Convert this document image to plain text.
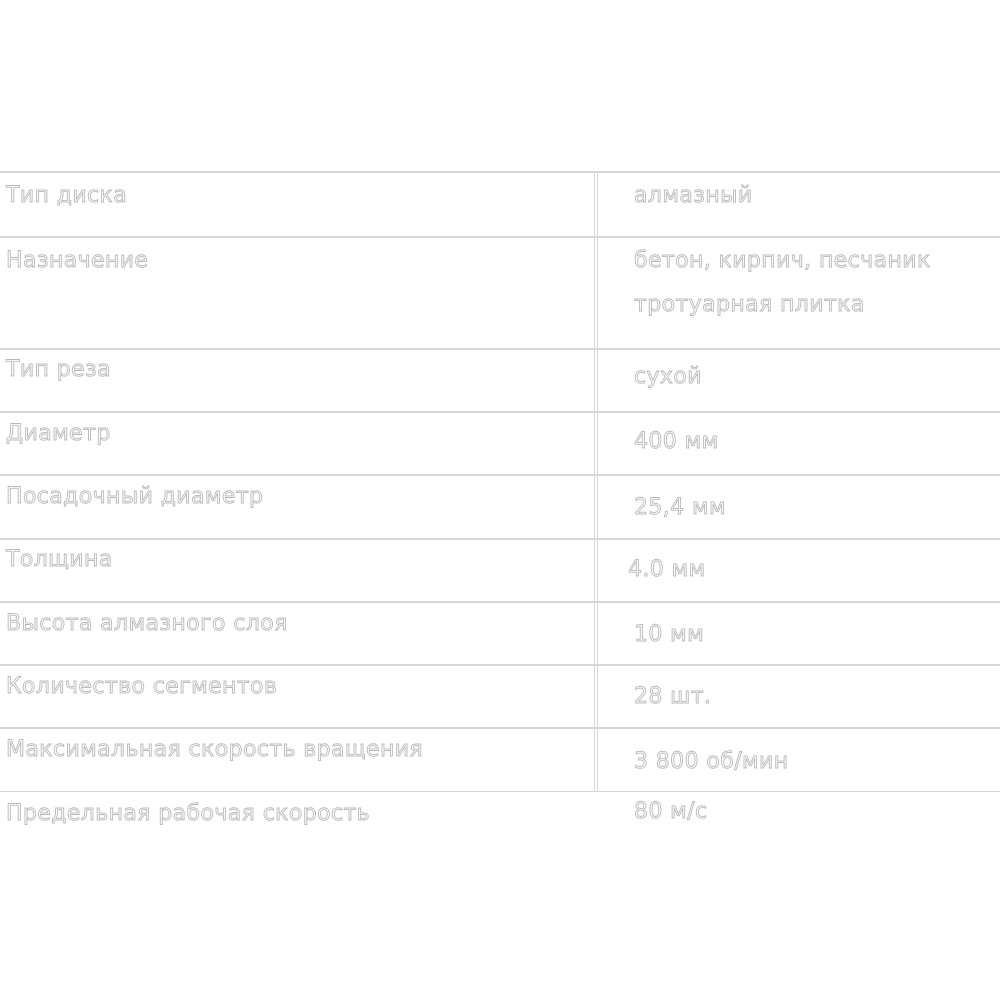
Тип диска	алмазный

Назначение	бетон, кирпич, песчаник

тротуарная плитка

Тип реза	сухой

Диаметр	400 мм

Посадочный диаметр	25,4 мм

Толщина	4.0 мм

Высота алмазного слоя	10 мм

Количество сегментов	28 шт.

Максимальная скорость вращения	3 800 об/мин

Предельная рабочая скорость	80 м/с
